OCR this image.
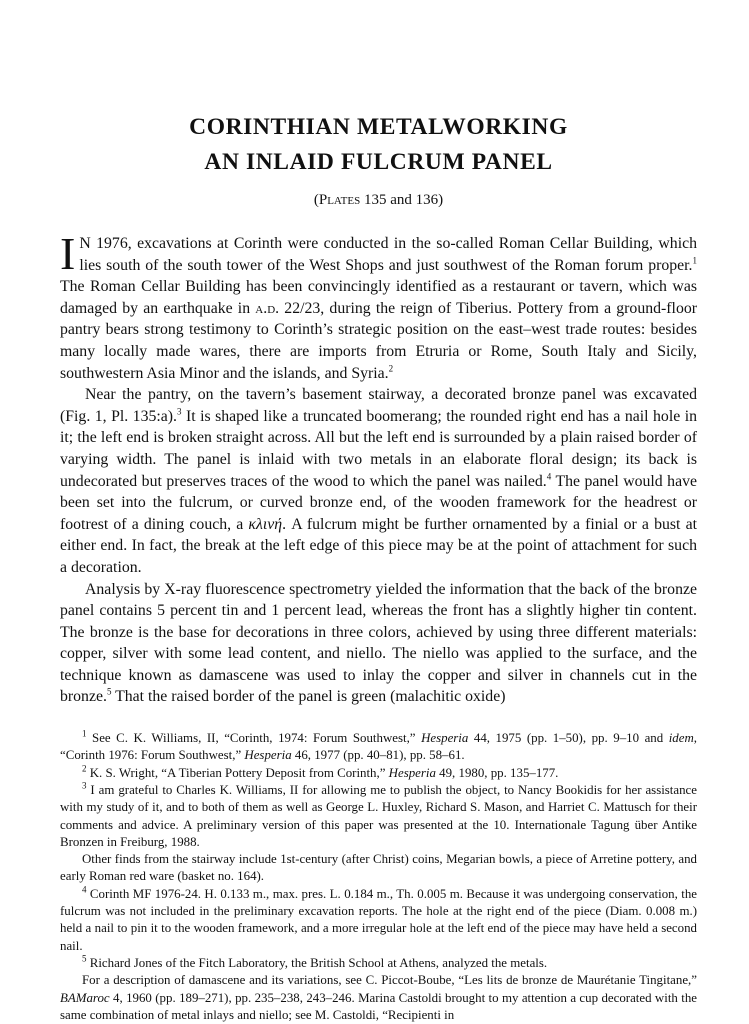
CORINTHIAN METALWORKING
AN INLAID FULCRUM PANEL
(Plates 135 and 136)

I N 1976, excavations at Corinth were conducted in the so-called Roman Cellar Building, which lies south of the south tower of the West Shops and just southwest of the Roman forum proper.$^1$ The Roman Cellar Building has been convincingly identified as a restaurant or tavern, which was damaged by an earthquake in a.d. 22/23, during the reign of Tiberius. Pottery from a ground-floor pantry bears strong testimony to Corinth’s strategic position on the east–west trade routes: besides many locally made wares, there are imports from Etruria or Rome, South Italy and Sicily, southwestern Asia Minor and the islands, and Syria.$^2$

Near the pantry, on the tavern’s basement stairway, a decorated bronze panel was excavated (Fig. 1, Pl. 135:a).$^3$ It is shaped like a truncated boomerang; the rounded right end has a nail hole in it; the left end is broken straight across. All but the left end is surrounded by a plain raised border of varying width. The panel is inlaid with two metals in an elaborate floral design; its back is undecorated but preserves traces of the wood to which the panel was nailed.$^4$ The panel would have been set into the fulcrum, or curved bronze end, of the wooden framework for the headrest or footrest of a dining couch, a κλινή. A fulcrum might be further ornamented by a finial or a bust at either end. In fact, the break at the left edge of this piece may be at the point of attachment for such a decoration.

Analysis by X-ray fluorescence spectrometry yielded the information that the back of the bronze panel contains 5 percent tin and 1 percent lead, whereas the front has a slightly higher tin content. The bronze is the base for decorations in three colors, achieved by using three different materials: copper, silver with some lead content, and niello. The niello was applied to the surface, and the technique known as damascene was used to inlay the copper and silver in channels cut in the bronze.$^5$ That the raised border of the panel is green (malachitic oxide)

$^1$ See C. K. Williams, II, “Corinth, 1974: Forum Southwest,” Hesperia 44, 1975 (pp. 1–50), pp. 9–10 and idem, “Corinth 1976: Forum Southwest,” Hesperia 46, 1977 (pp. 40–81), pp. 58–61.

$^2$ K. S. Wright, “A Tiberian Pottery Deposit from Corinth,” Hesperia 49, 1980, pp. 135–177.

$^3$ I am grateful to Charles K. Williams, II for allowing me to publish the object, to Nancy Bookidis for her assistance with my study of it, and to both of them as well as George L. Huxley, Richard S. Mason, and Harriet C. Mattusch for their comments and advice. A preliminary version of this paper was presented at the 10. Internationale Tagung über Antike Bronzen in Freiburg, 1988.

Other finds from the stairway include 1st-century (after Christ) coins, Megarian bowls, a piece of Arretine pottery, and early Roman red ware (basket no. 164).

$^4$ Corinth MF 1976-24. H. 0.133 m., max. pres. L. 0.184 m., Th. 0.005 m. Because it was undergoing conservation, the fulcrum was not included in the preliminary excavation reports. The hole at the right end of the piece (Diam. 0.008 m.) held a nail to pin it to the wooden framework, and a more irregular hole at the left end of the piece may have held a second nail.

$^5$ Richard Jones of the Fitch Laboratory, the British School at Athens, analyzed the metals.

For a description of damascene and its variations, see C. Piccot-Boube, “Les lits de bronze de Maurétanie Tingitane,” BAMaroc 4, 1960 (pp. 189–271), pp. 235–238, 243–246. Marina Castoldi brought to my attention a cup decorated with the same combination of metal inlays and niello; see M. Castoldi, “Recipienti in
